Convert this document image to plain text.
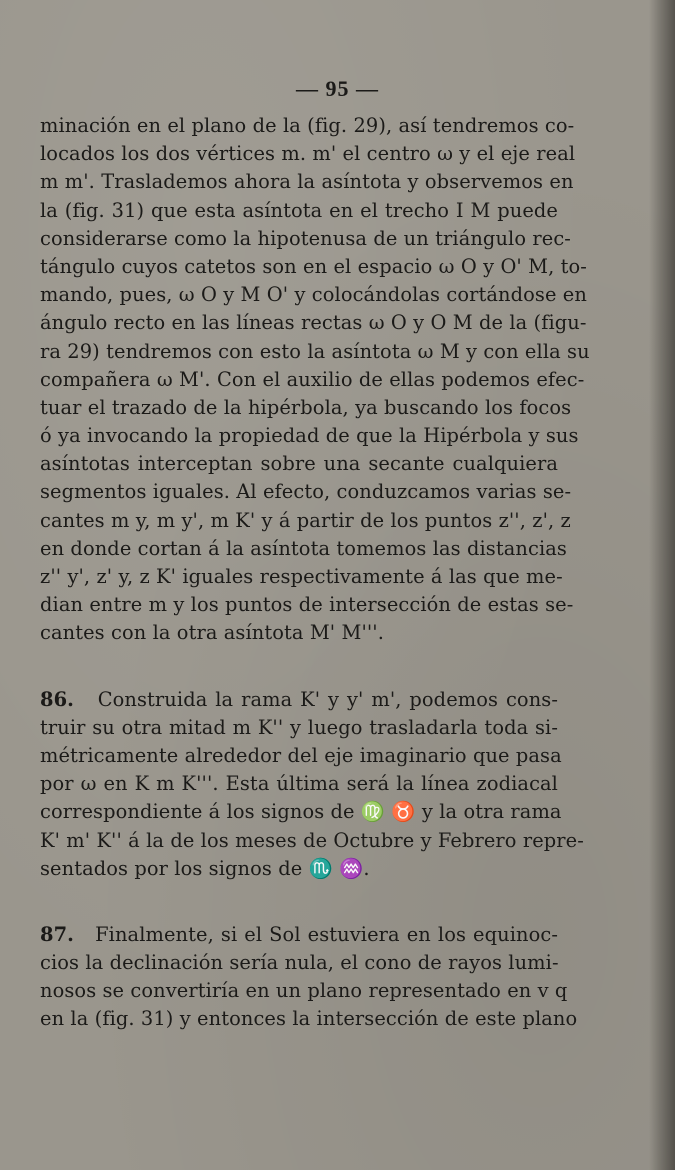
— 95 —
minación en el plano de la (fig. 29), así tendremos co-
locados los dos vértices m. m' el centro ω y el eje real
m m'. Traslademos ahora la asíntota y observemos en
la (fig. 31) que esta asíntota en el trecho I M puede
considerarse como la hipotenusa de un triángulo rec-
tángulo cuyos catetos son en el espacio ω O y O' M, to-
mando, pues, ω O y M O' y colocándolas cortándose en
ángulo recto en las líneas rectas ω O y O M de la (figu-
ra 29) tendremos con esto la asíntota ω M y con ella su
compañera ω M'. Con el auxilio de ellas podemos efec-
tuar el trazado de la hipérbola, ya buscando los focos
ó ya invocando la propiedad de que la Hipérbola y sus
asíntotas interceptan sobre una secante cualquiera
segmentos iguales. Al efecto, conduzcamos varias se-
cantes m y, m y', m K' y á partir de los puntos z'', z', z
en donde cortan á la asíntota tomemos las distancias
z'' y', z' y, z K' iguales respectivamente á las que me-
dian entre m y los puntos de intersección de estas se-
cantes con la otra asíntota M' M'''.
86. Construida la rama K' y y' m', podemos cons-
truir su otra mitad m K'' y luego trasladarla toda si-
métricamente alrededor del eje imaginario que pasa
por ω en K m K'''. Esta última será la línea zodiacal
correspondiente á los signos de ♍ ♉ y la otra rama
K' m' K'' á la de los meses de Octubre y Febrero repre-
sentados por los signos de ♏ ♒.
87. Finalmente, si el Sol estuviera en los equinoc-
cios la declinación sería nula, el cono de rayos lumi-
nosos se convertiría en un plano representado en v q
en la (fig. 31) y entonces la intersección de este plano
